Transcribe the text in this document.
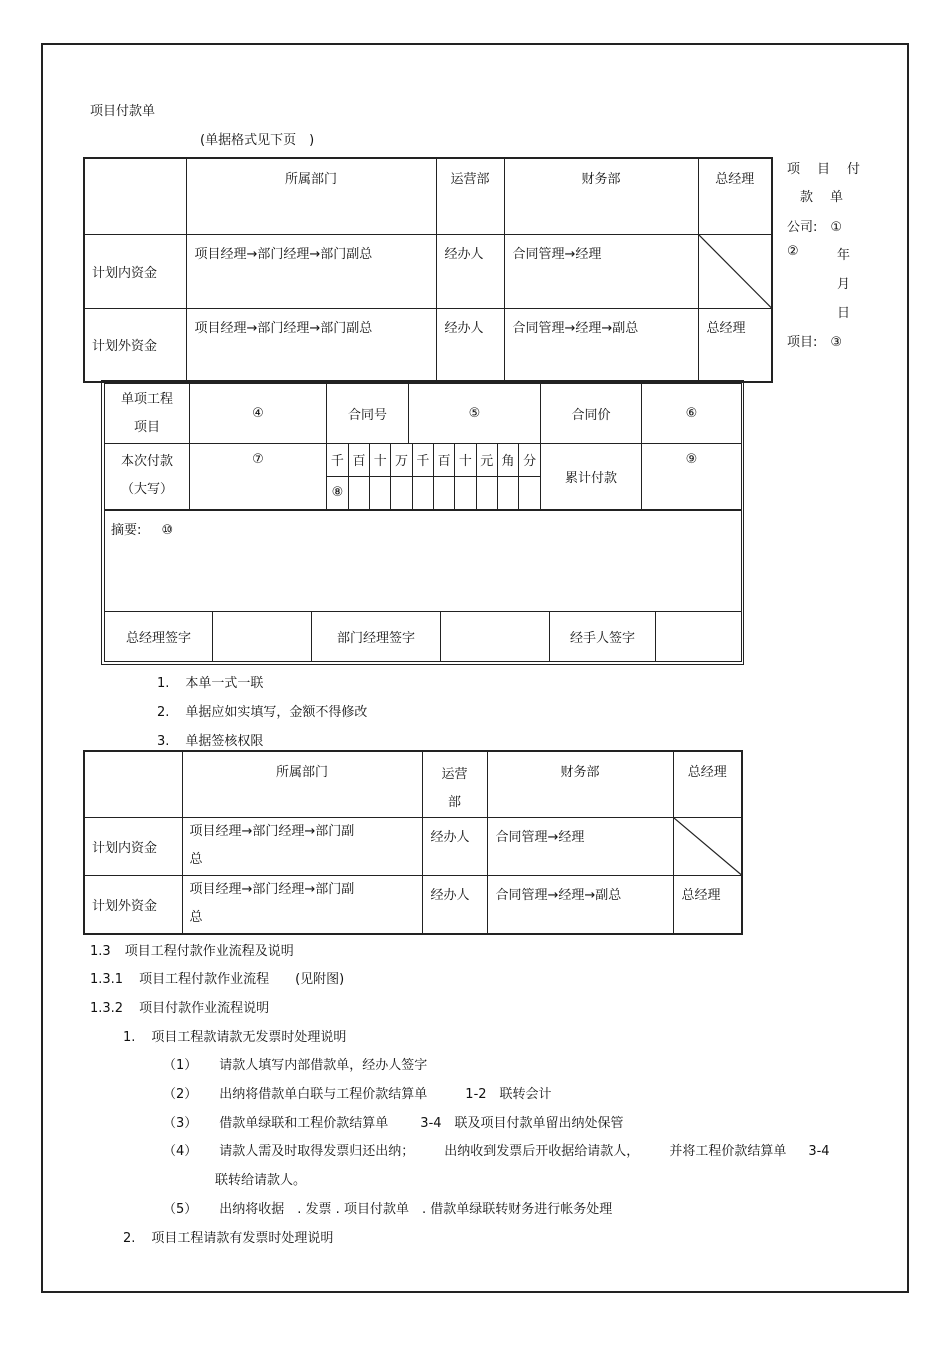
项目付款单
(单据格式见下页　)
	所属部门	运营部	财务部	总经理
计划内资金	项目经理→部门经理→部门副总	经办人	合同管理→经理	

计划外资金	项目经理→部门经理→部门副总	经办人	合同管理→经理→副总	总经理
项　目　付
款　单
公司:　①
②	年
月
日
项目:　③
单项工程
项目
	④	合同号	⑤	合同价	⑥

本次付款
（大写）
	⑦		千	百	十	万	千	百	十	元	角	分
⑧									
	累计付款	⑨
摘要: ⑩
总经理签字		部门经理签字		经手人签字	
1. 本单一式一联
2. 单据应如实填写，金额不得修改
3. 单据签核权限
	所属部门	运营
部	财务部	总经理
计划内资金	项目经理→部门经理→部门副
总	经办人	合同管理→经理	

计划外资金	项目经理→部门经理→部门副
总	经办人	合同管理→经理→副总	总经理
1.3 项目工程付款作业流程及说明
1.3.1 项目工程付款作业流程 (见附图)
1.3.2 项目付款作业流程说明
1. 项目工程款请款无发票时处理说明
（1） 请款人填写内部借款单，经办人签字
（2） 出纳将借款单白联与工程价款结算单	1-2　联转会计
（3） 借款单绿联和工程价款结算单 3-4　联及项目付款单留出纳处保管
（4） 请款人需及时取得发票归还出纳； 出纳收到发票后开收据给请款人， 并将工程价款结算单 3-4
联转给请款人。
（5） 出纳将收据　. 发票 . 项目付款单　. 借款单绿联转财务进行帐务处理
2. 项目工程请款有发票时处理说明
